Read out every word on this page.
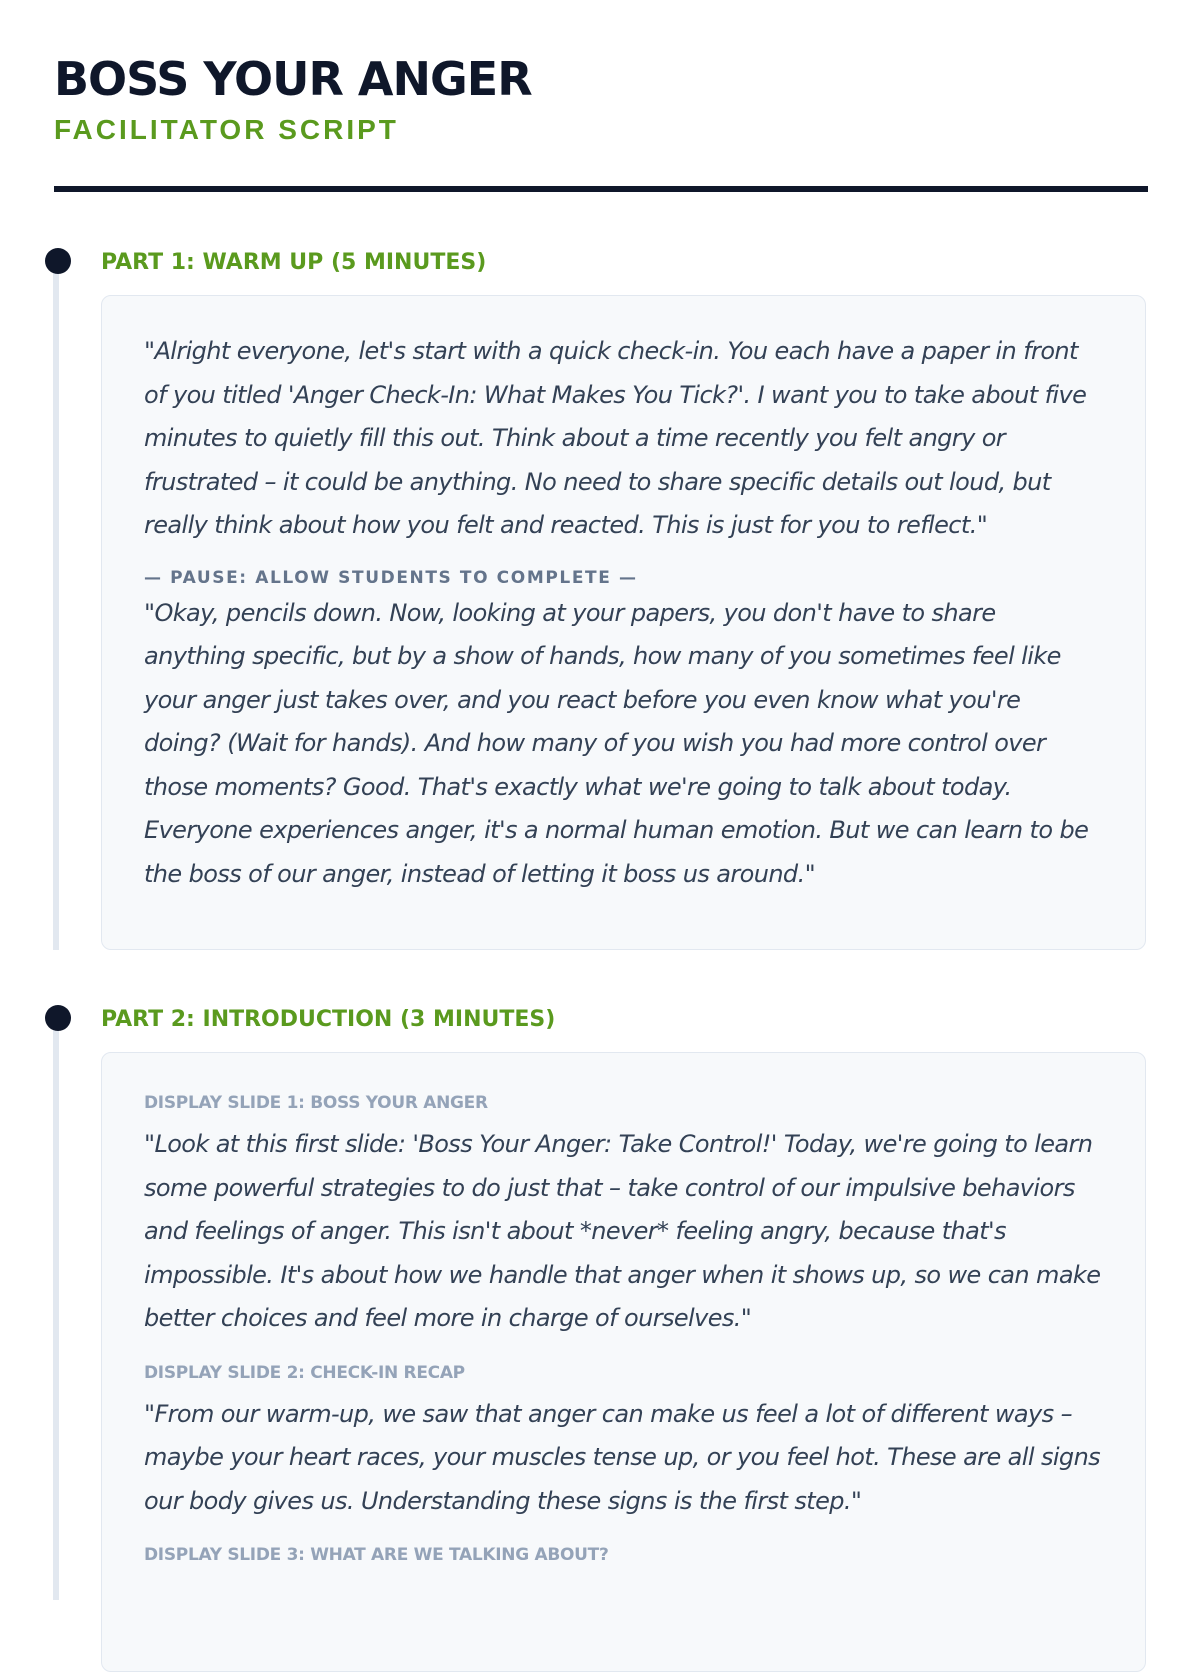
BOSS YOUR ANGER
FACILITATOR SCRIPT
PART 1: WARM UP (5 MINUTES)

"Alright everyone, let's start with a quick check-in. You each have a paper in front of you titled 'Anger Check-In: What Makes You Tick?'. I want you to take about five minutes to quietly fill this out. Think about a time recently you felt angry or frustrated – it could be anything. No need to share specific details out loud, but really think about how you felt and reacted. This is just for you to reflect."

— PAUSE: ALLOW STUDENTS TO COMPLETE —

"Okay, pencils down. Now, looking at your papers, you don't have to share anything specific, but by a show of hands, how many of you sometimes feel like your anger just takes over, and you react before you even know what you're doing? (Wait for hands). And how many of you wish you had more control over those moments? Good. That's exactly what we're going to talk about today. Everyone experiences anger, it's a normal human emotion. But we can learn to be the boss of our anger, instead of letting it boss us around."

PART 2: INTRODUCTION (3 MINUTES)
DISPLAY SLIDE 1: BOSS YOUR ANGER

"Look at this first slide: 'Boss Your Anger: Take Control!' Today, we're going to learn some powerful strategies to do just that – take control of our impulsive behaviors and feelings of anger. This isn't about *never* feeling angry, because that's impossible. It's about how we handle that anger when it shows up, so we can make better choices and feel more in charge of ourselves."

DISPLAY SLIDE 2: CHECK-IN RECAP

"From our warm-up, we saw that anger can make us feel a lot of different ways – maybe your heart races, your muscles tense up, or you feel hot. These are all signs our body gives us. Understanding these signs is the first step."

DISPLAY SLIDE 3: WHAT ARE WE TALKING ABOUT?
